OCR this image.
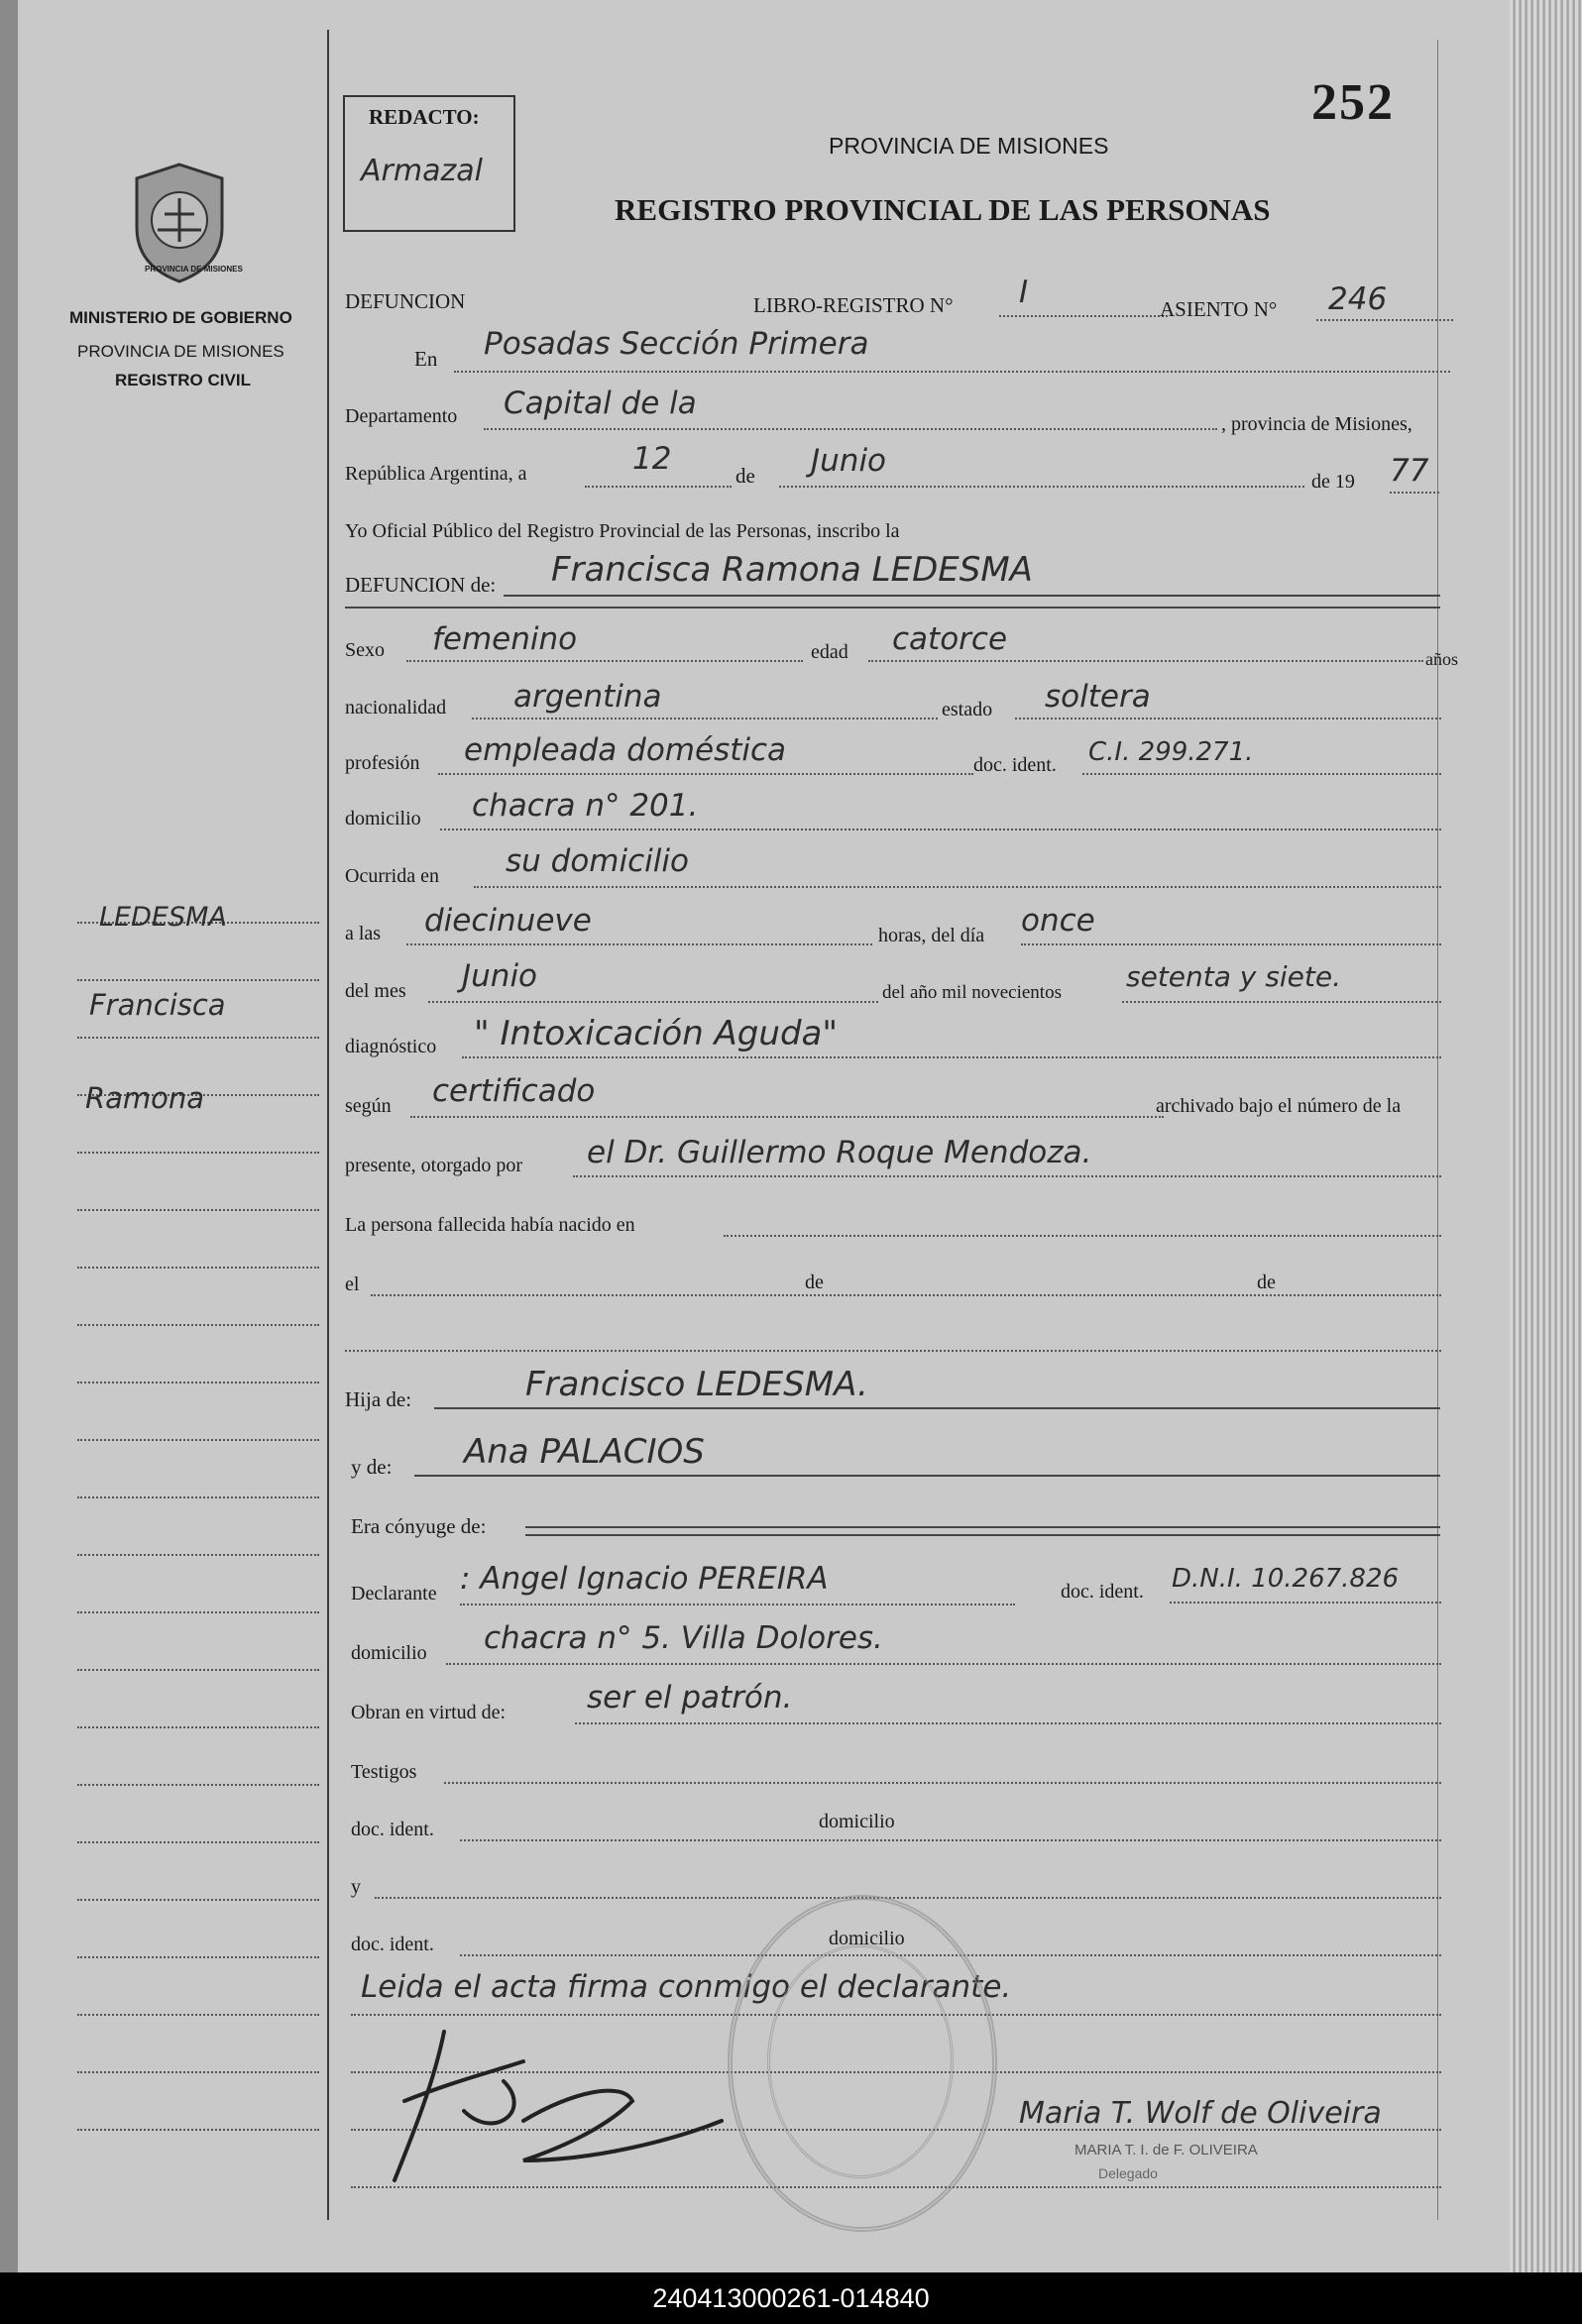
PROVINCIA DE MISIONES
MINISTERIO DE GOBIERNO
PROVINCIA DE MISIONES
REGISTRO CIVIL
LEDESMA
Francisca
Ramona
REDACTO:
Armazal
252
PROVINCIA DE MISIONES
REGISTRO PROVINCIAL DE LAS PERSONAS
DEFUNCION	LIBRO-REGISTRO N° I	ASIENTO N° 246
En Posadas Sección Primera
Departamento Capital de la
, provincia de Misiones,
República Argentina, a	12	de Junio
de 19 77
Yo Oficial Público del Registro Provincial de las Personas, inscribo la
DEFUNCION de: Francisca Ramona LEDESMA
Sexo femenino	edad catorce
años
nacionalidad argentina	estado soltera
profesión empleada doméstica	doc. ident. C.I. 299.271.
domicilio chacra n° 201.
Ocurrida en su domicilio
a las diecinueve	horas, del día once
del mes Junio	del año mil novecientos setenta y siete.
diagnóstico " Intoxicación Aguda"
según certificado	archivado bajo el número de la
presente, otorgado por el Dr. Guillermo Roque Mendoza.
La persona fallecida había nacido en
el	de	de
Hija de:	Francisco LEDESMA.
y de: Ana PALACIOS
Era cónyuge de:
Declarante : Angel Ignacio PEREIRA	doc. ident. D.N.I. 10.267.826
domicilio chacra n° 5. Villa Dolores.
Obran en virtud de:	ser el patrón.
Testigos
doc. ident.	domicilio
y
doc. ident.	domicilio
Leida el acta firma conmigo el declarante.
Maria T. Wolf de Oliveira
MARIA T. I. de F. OLIVEIRA
Delegado
240413000261-014840
